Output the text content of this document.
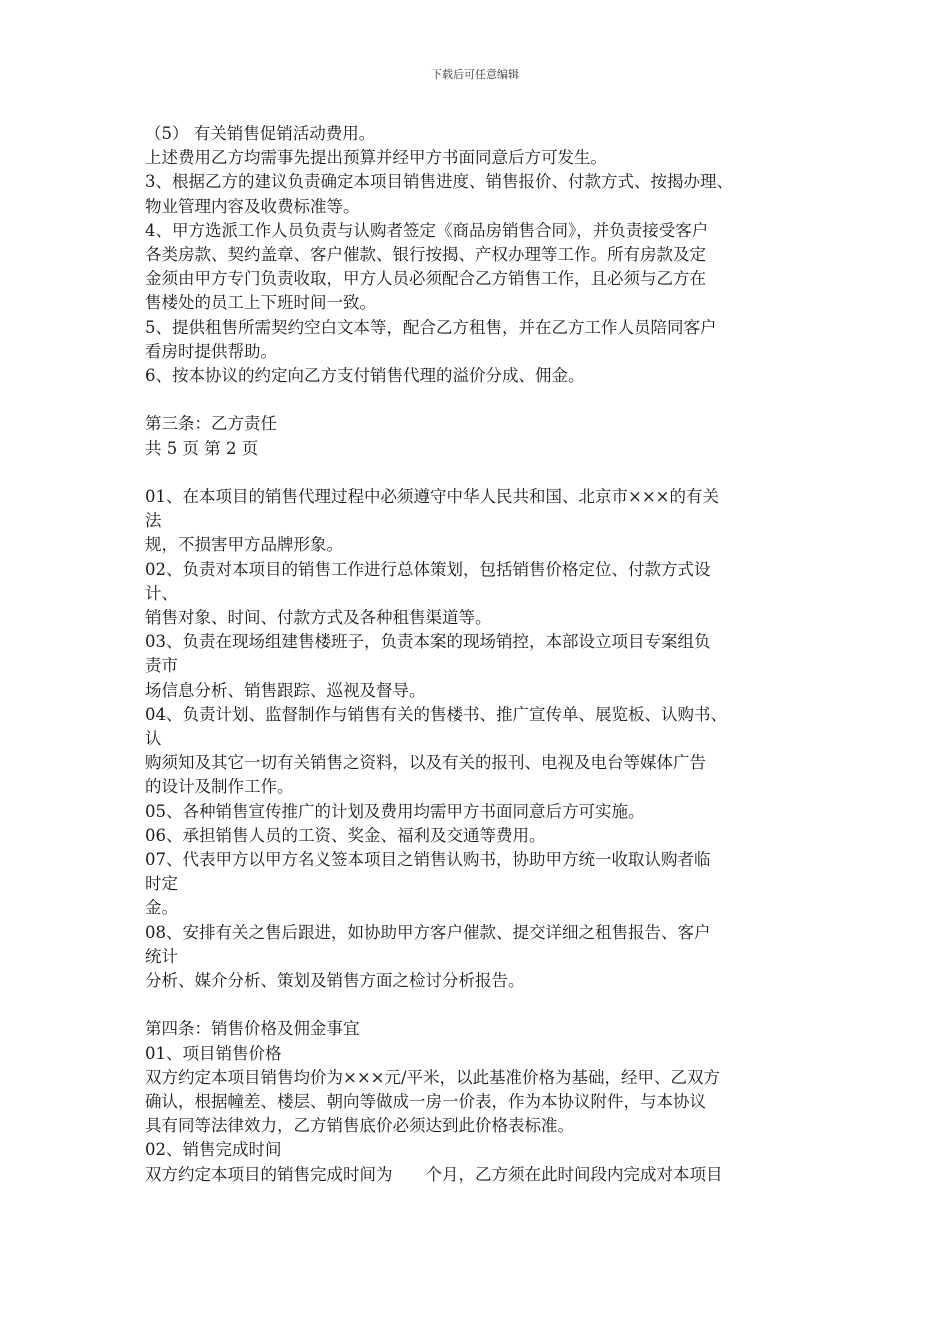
下载后可任意编辑
（5） 有关销售促销活动费用。
上述费用乙方均需事先提出预算并经甲方书面同意后方可发生。
3、根据乙方的建议负责确定本项目销售进度、销售报价、付款方式、按揭办理、
物业管理内容及收费标准等。
4、甲方选派工作人员负责与认购者签定《商品房销售合同》，并负责接受客户
各类房款、契约盖章、客户催款、银行按揭、产权办理等工作。所有房款及定
金须由甲方专门负责收取，甲方人员必须配合乙方销售工作，且必须与乙方在
售楼处的员工上下班时间一致。
5、提供租售所需契约空白文本等，配合乙方租售，并在乙方工作人员陪同客户
看房时提供帮助。
6、按本协议的约定向乙方支付销售代理的溢价分成、佣金。
第三条：乙方责任
共 5 页 第 2 页
01、在本项目的销售代理过程中必须遵守中华人民共和国、北京市×××的有关
法
规，不损害甲方品牌形象。
02、负责对本项目的销售工作进行总体策划，包括销售价格定位、付款方式设
计、
销售对象、时间、付款方式及各种租售渠道等。
03、负责在现场组建售楼班子，负责本案的现场销控，本部设立项目专案组负
责市
场信息分析、销售跟踪、巡视及督导。
04、负责计划、监督制作与销售有关的售楼书、推广宣传单、展览板、认购书、
认
购须知及其它一切有关销售之资料，以及有关的报刊、电视及电台等媒体广告
的设计及制作工作。
05、各种销售宣传推广的计划及费用均需甲方书面同意后方可实施。
06、承担销售人员的工资、奖金、福利及交通等费用。
07、代表甲方以甲方名义签本项目之销售认购书，协助甲方统一收取认购者临
时定
金。
08、安排有关之售后跟进，如协助甲方客户催款、提交详细之租售报告、客户
统计
分析、媒介分析、策划及销售方面之检讨分析报告。
第四条：销售价格及佣金事宜
01、项目销售价格
双方约定本项目销售均价为×××元/平米，以此基准价格为基础，经甲、乙双方
确认，根据幢差、楼层、朝向等做成一房一价表，作为本协议附件，与本协议
具有同等法律效力，乙方销售底价必须达到此价格表标准。
02、销售完成时间
双方约定本项目的销售完成时间为　　个月，乙方须在此时间段内完成对本项目
